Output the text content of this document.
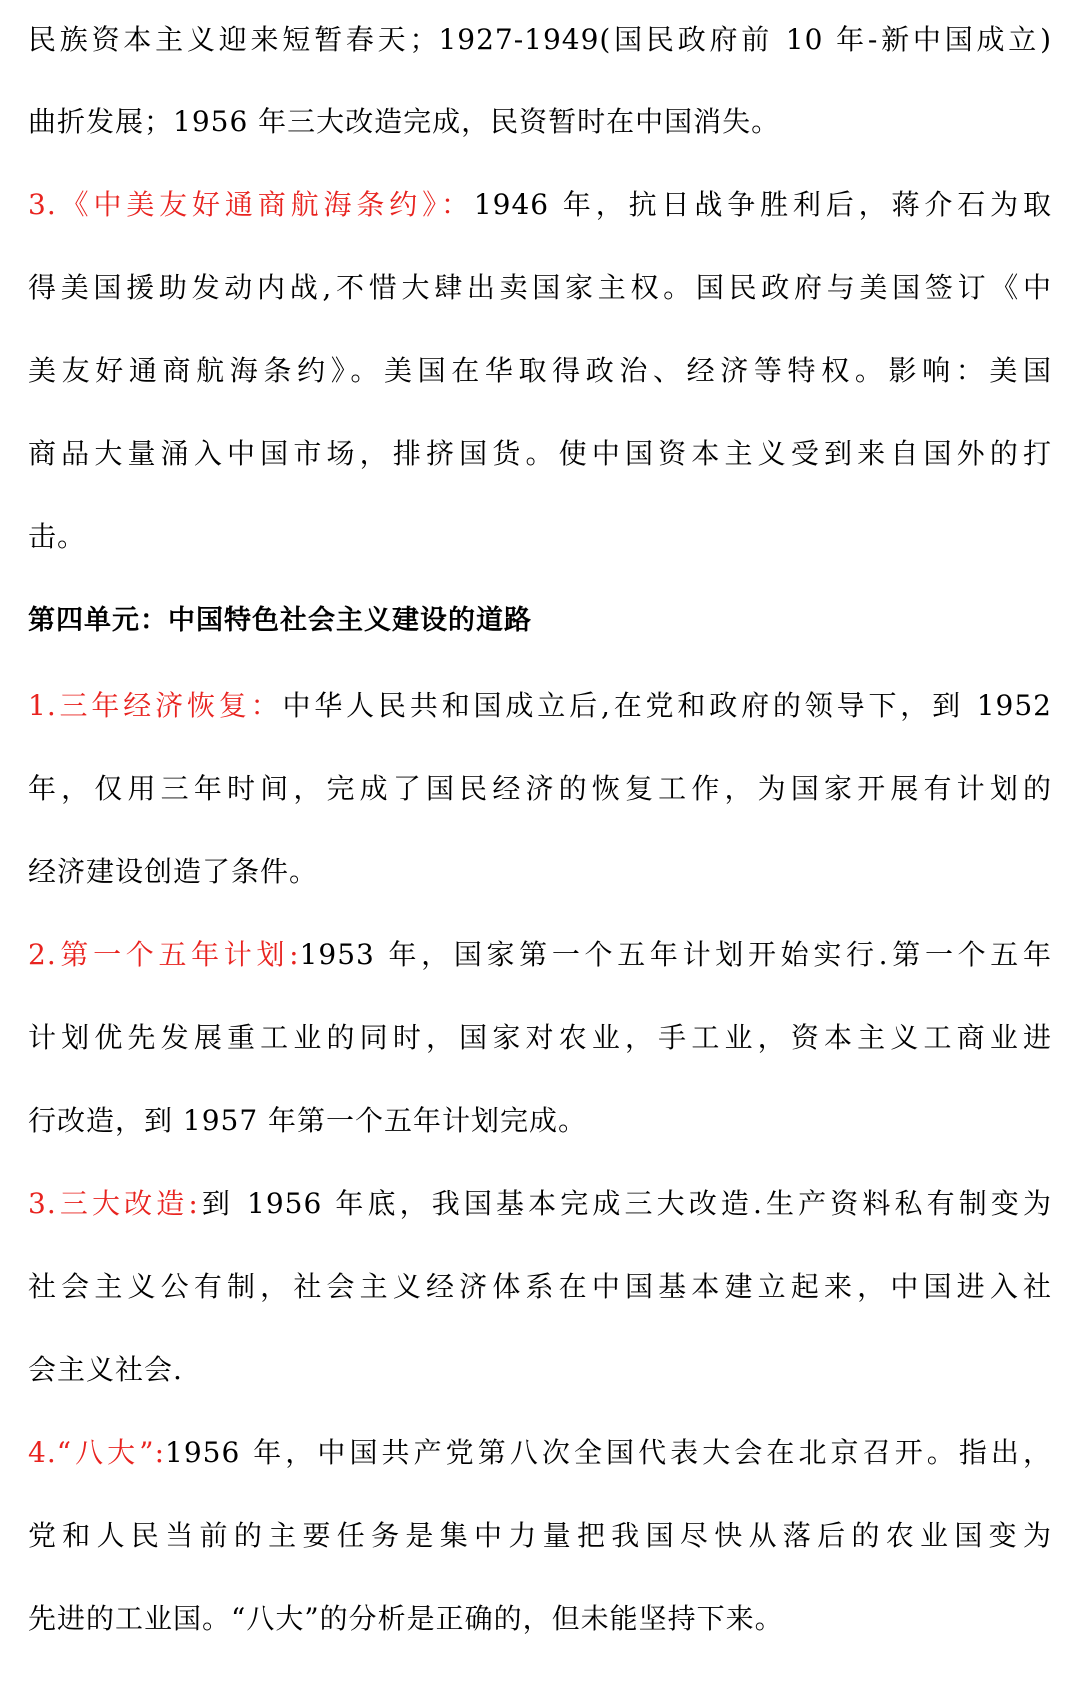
民族资本主义迎来短暂春天；1927-1949(国民政府前 10 年-新中国成立)
曲折发展；1956 年三大改造完成，民资暂时在中国消失。
3.《中美友好通商航海条约》：1946 年，抗日战争胜利后，蒋介石为取
得美国援助发动内战,不惜大肆出卖国家主权。国民政府与美国签订《中
美友好通商航海条约》。美国在华取得政治、经济等特权。影响：美国
商品大量涌入中国市场，排挤国货。使中国资本主义受到来自国外的打
击。
第四单元：中国特色社会主义建设的道路
1.三年经济恢复：中华人民共和国成立后,在党和政府的领导下，到 1952
年，仅用三年时间，完成了国民经济的恢复工作，为国家开展有计划的
经济建设创造了条件。
2.第一个五年计划:1953 年，国家第一个五年计划开始实行.第一个五年
计划优先发展重工业的同时，国家对农业，手工业，资本主义工商业进
行改造，到 1957 年第一个五年计划完成。
3.三大改造:到 1956 年底，我国基本完成三大改造.生产资料私有制变为
社会主义公有制，社会主义经济体系在中国基本建立起来，中国进入社
会主义社会.
4.“八大”:1956 年，中国共产党第八次全国代表大会在北京召开。指出，
党和人民当前的主要任务是集中力量把我国尽快从落后的农业国变为
先进的工业国。“八大”的分析是正确的，但未能坚持下来。
